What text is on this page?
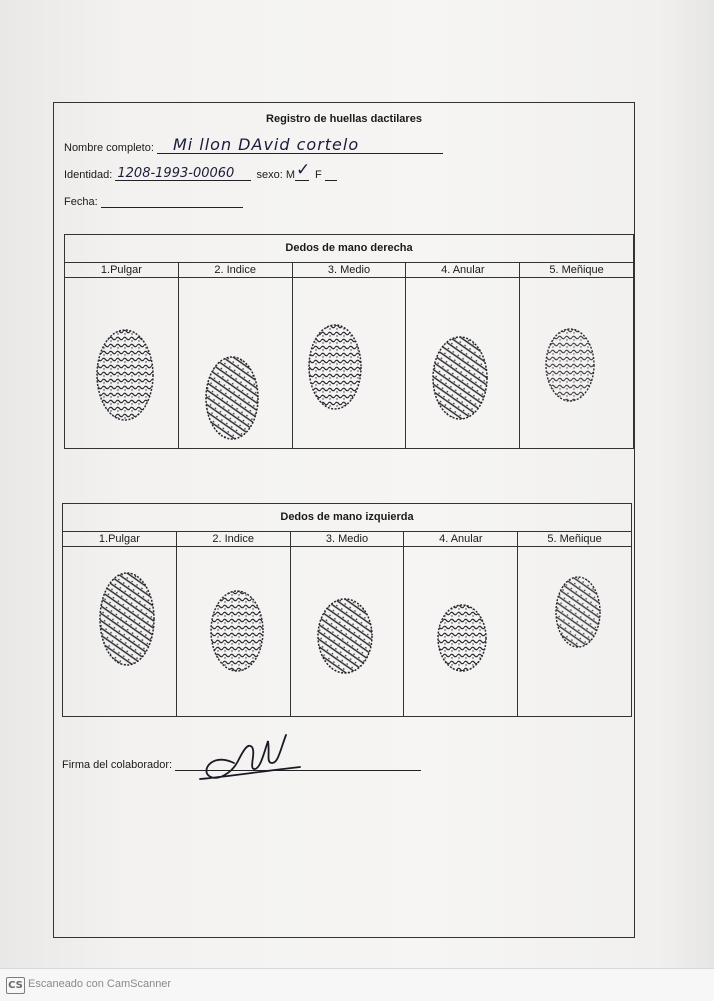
Registro de huellas dactilares
Nombre completo: Mi llon DAvid cortelo
Identidad: 1208-1993-00060 sexo: M ✓ F
Fecha:
Dedos de mano derecha
1.Pulgar	2. Indice	3. Medio	4. Anular	5. Meñique
Dedos de mano izquierda
1.Pulgar	2. Indice	3. Medio	4. Anular	5. Meñique
Firma del colaborador:
CS Escaneado con CamScanner
